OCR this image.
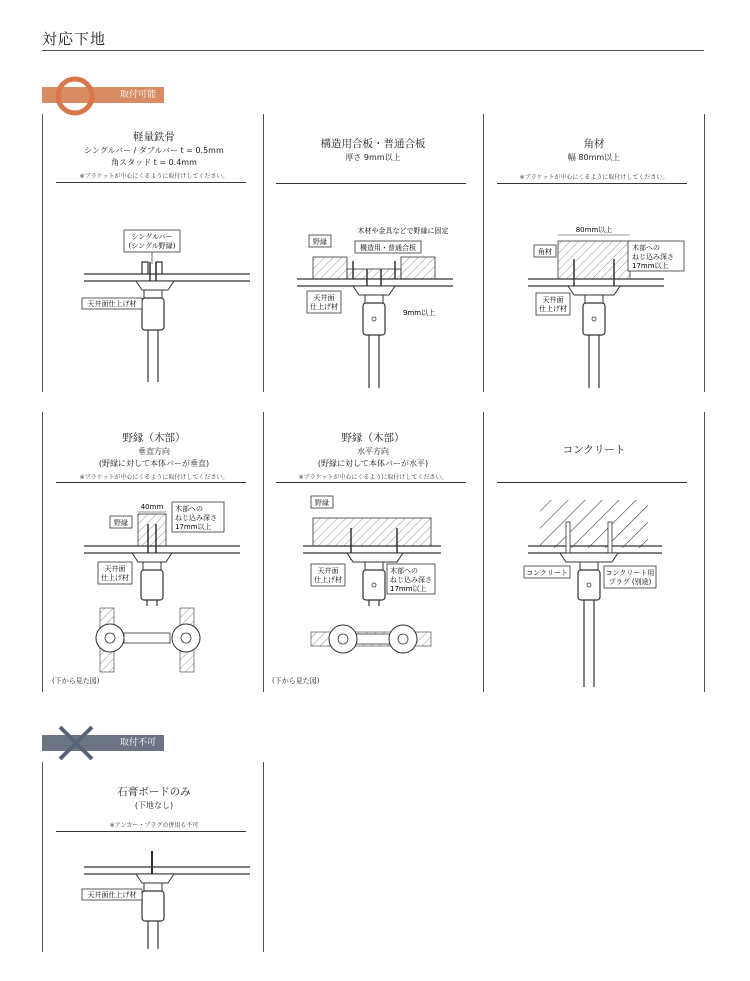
対応下地
取付可能
軽量鉄骨
シングルバー / ダブルバー t = 0.5mm
角スタッド t = 0.4mm
※ブラケットが中心にくるように取付けしてください。
シングルバー
(シングル野縁)
天井面仕上げ材
構造用合板・普通合板
厚さ 9mm以上
木材や金具などで野縁に固定
野縁
構造用・普通合板
天井面
仕上げ材
9mm以上
角材
幅 80mm以上
※ブラケットが中心にくるように取付けしてください。
80mm以上
角材	木部への
ねじ込み深さ
17mm以上
天井面
仕上げ材
野縁（木部）
垂直方向
(野縁に対して本体バーが垂直)
※ブラケットが中心にくるように取付けしてください。
40mm
野縁
木部への
ねじ込み深さ
17mm以上
天井面
仕上げ材
(下から見た図)
野縁（木部）
水平方向
(野縁に対して本体バーが水平)
※ブラケットが中心にくるように取付けしてください。
野縁
天井面
仕上げ材
木部への
ねじ込み深さ
17mm以上
(下から見た図)
コンクリート
コンクリート	コンクリート用
プラグ (別途)
取付不可
石膏ボードのみ
(下地なし)
※アンカー・プラグの併用も不可
天井面仕上げ材
